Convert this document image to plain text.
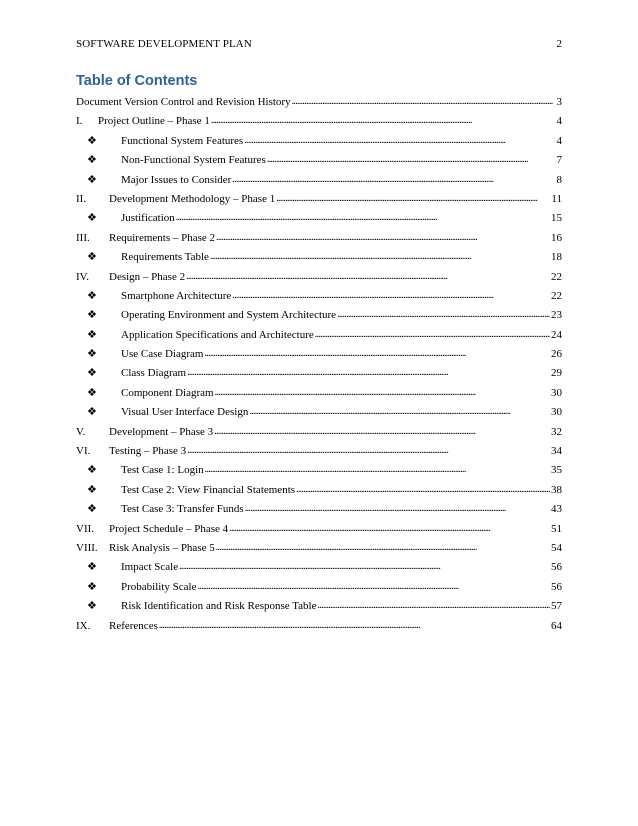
SOFTWARE DEVELOPMENT PLAN	2
Table of Contents
Document Version Control and Revision History . . .	3
I.	Project Outline – Phase 1 . . .	4
❖	Functional System Features . . .	4
❖	Non-Functional System Features . . .	7
❖	Major Issues to Consider . . .	8
II.	Development Methodology – Phase 1 . . .	11
❖	Justification . . .	15
III.	Requirements – Phase 2 . . .	16
❖	Requirements Table . . .	18
IV.	Design – Phase 2 . . .	22
❖	Smartphone Architecture . . .	22
❖	Operating Environment and System Architecture . . .	23
❖	Application Specifications and Architecture . . .	24
❖	Use Case Diagram . . .	26
❖	Class Diagram . . .	29
❖	Component Diagram . . .	30
❖	Visual User Interface Design . . .	30
V.	Development – Phase 3 . . .	32
VI.	Testing – Phase 3 . . .	34
❖	Test Case 1: Login . . .	35
❖	Test Case 2: View Financial Statements . . .	38
❖	Test Case 3: Transfer Funds . . .	43
VII.	Project Schedule – Phase 4 . . .	51
VIII.	Risk Analysis – Phase 5 . . .	54
❖	Impact Scale . . .	56
❖	Probability Scale . . .	56
❖	Risk Identification and Risk Response Table . . .	57
IX.	References . . .	64
